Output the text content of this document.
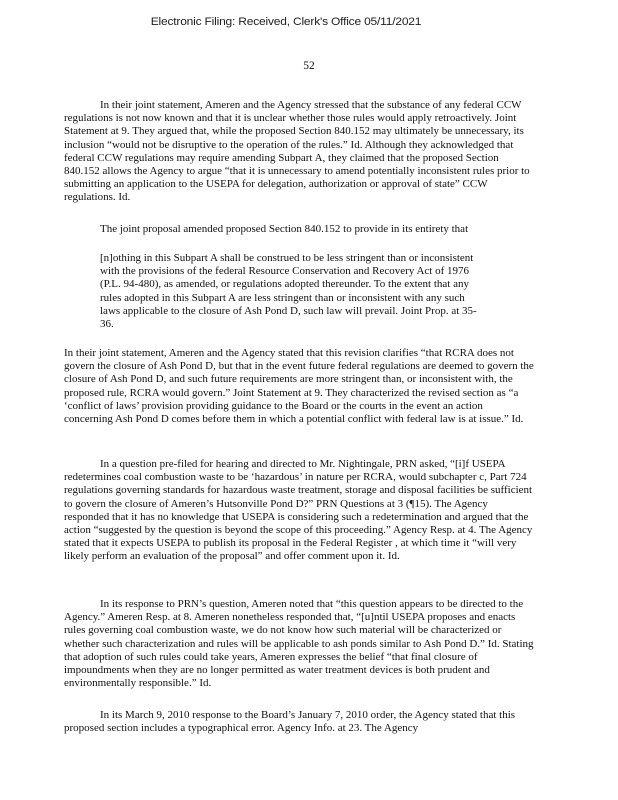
Electronic Filing: Received, Clerk's Office 05/11/2021
52

In their joint statement, Ameren and the Agency stressed that the substance of any federal CCW regulations is not now known and that it is unclear whether those rules would apply retroactively. Joint Statement at 9. They argued that, while the proposed Section 840.152 may ultimately be unnecessary, its inclusion “would not be disruptive to the operation of the rules.” Id. Although they acknowledged that federal CCW regulations may require amending Subpart A, they claimed that the proposed Section 840.152 allows the Agency to argue “that it is unnecessary to amend potentially inconsistent rules prior to submitting an application to the USEPA for delegation, authorization or approval of state” CCW regulations. Id.

The joint proposal amended proposed Section 840.152 to provide in its entirety that

[n]othing in this Subpart A shall be construed to be less stringent than or inconsistent with the provisions of the federal Resource Conservation and Recovery Act of 1976 (P.L. 94-480), as amended, or regulations adopted thereunder. To the extent that any rules adopted in this Subpart A are less stringent than or inconsistent with any such laws applicable to the closure of Ash Pond D, such law will prevail. Joint Prop. at 35-36.

In their joint statement, Ameren and the Agency stated that this revision clarifies “that RCRA does not govern the closure of Ash Pond D, but that in the event future federal regulations are deemed to govern the closure of Ash Pond D, and such future requirements are more stringent than, or inconsistent with, the proposed rule, RCRA would govern.” Joint Statement at 9. They characterized the revised section as “a ‘conflict of laws’ provision providing guidance to the Board or the courts in the event an action concerning Ash Pond D comes before them in which a potential conflict with federal law is at issue.” Id.

In a question pre-filed for hearing and directed to Mr. Nightingale, PRN asked, “[i]f USEPA redetermines coal combustion waste to be ‘hazardous’ in nature per RCRA, would subchapter c, Part 724 regulations governing standards for hazardous waste treatment, storage and disposal facilities be sufficient to govern the closure of Ameren’s Hutsonville Pond D?” PRN Questions at 3 (¶15). The Agency responded that it has no knowledge that USEPA is considering such a redetermination and argued that the action “suggested by the question is beyond the scope of this proceeding.” Agency Resp. at 4. The Agency stated that it expects USEPA to publish its proposal in the Federal Register , at which time it “will very likely perform an evaluation of the proposal” and offer comment upon it. Id.

In its response to PRN’s question, Ameren noted that “this question appears to be directed to the Agency.” Ameren Resp. at 8. Ameren nonetheless responded that, “[u]ntil USEPA proposes and enacts rules governing coal combustion waste, we do not know how such material will be characterized or whether such characterization and rules will be applicable to ash ponds similar to Ash Pond D.” Id. Stating that adoption of such rules could take years, Ameren expresses the belief “that final closure of impoundments when they are no longer permitted as water treatment devices is both prudent and environmentally responsible.” Id.

In its March 9, 2010 response to the Board’s January 7, 2010 order, the Agency stated that this proposed section includes a typographical error. Agency Info. at 23. The Agency
